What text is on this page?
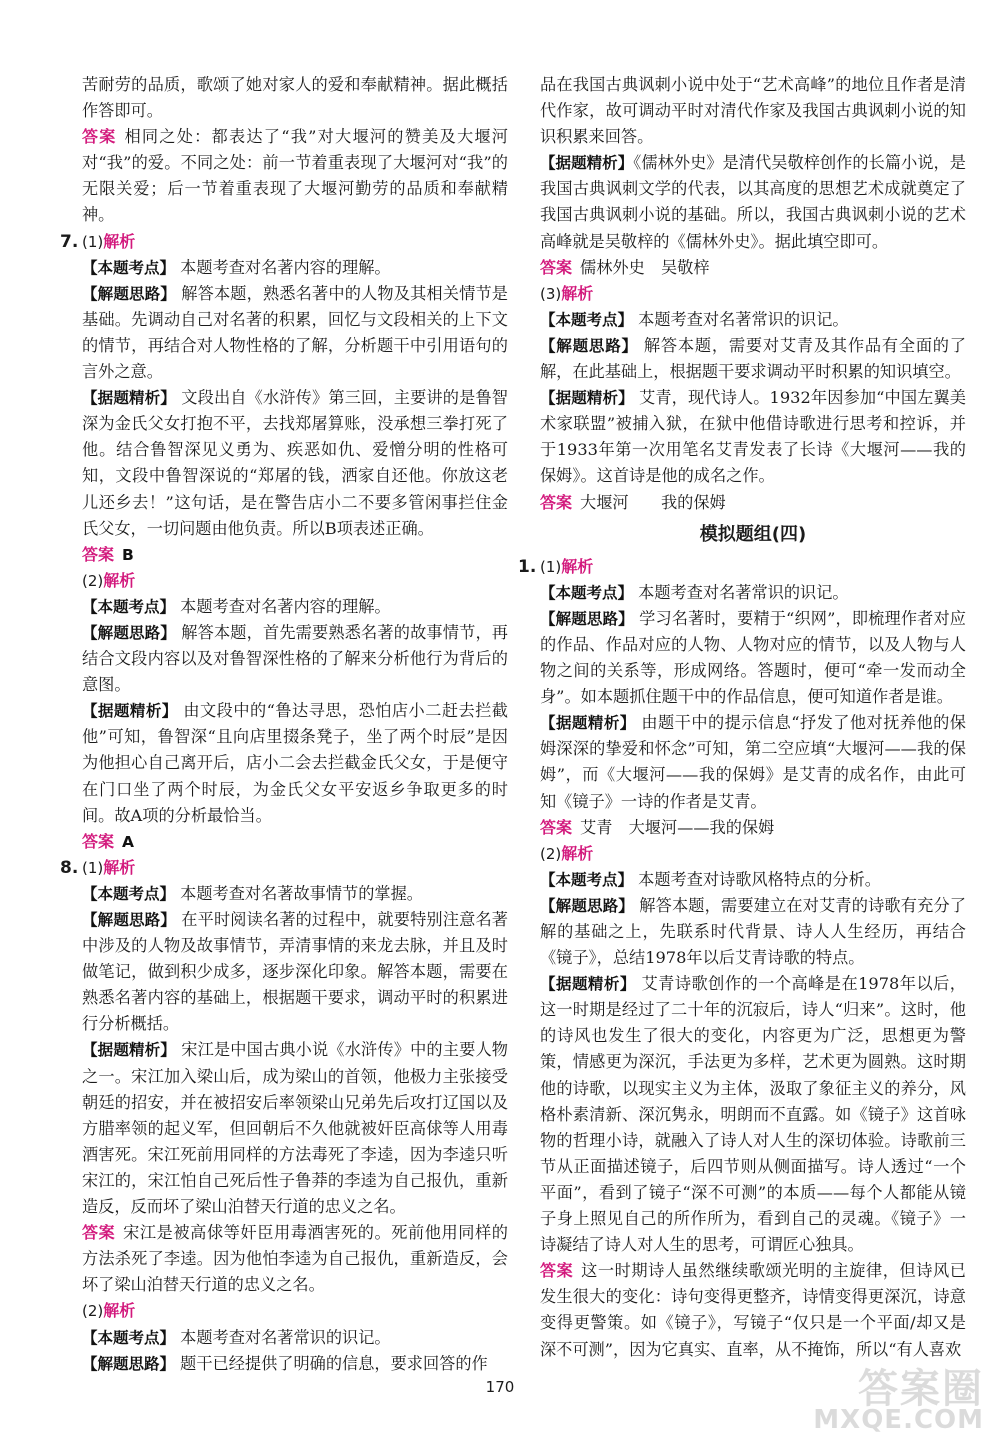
苦耐劳的品质，歌颂了她对家人的爱和奉献精神。据此概括作答即可。

答案 相同之处：都表达了“我”对大堰河的赞美及大堰河对“我”的爱。不同之处：前一节着重表现了大堰河对“我”的无限关爱；后一节着重表现了大堰河勤劳的品质和奉献精神。

7. (1)解析

【本题考点】 本题考查对名著内容的理解。

【解题思路】 解答本题，熟悉名著中的人物及其相关情节是基础。先调动自己对名著的积累，回忆与文段相关的上下文的情节，再结合对人物性格的了解，分析题干中引用语句的言外之意。

【据题精析】 文段出自《水浒传》第三回，主要讲的是鲁智深为金氏父女打抱不平，去找郑屠算账，没承想三拳打死了他。结合鲁智深见义勇为、疾恶如仇、爱憎分明的性格可知，文段中鲁智深说的“郑屠的钱，洒家自还他。你放这老儿还乡去！”这句话，是在警告店小二不要多管闲事拦住金氏父女，一切问题由他负责。所以B项表述正确。

答案 B

(2)解析

【本题考点】 本题考查对名著内容的理解。

【解题思路】 解答本题，首先需要熟悉名著的故事情节，再结合文段内容以及对鲁智深性格的了解来分析他行为背后的意图。

【据题精析】 由文段中的“鲁达寻思，恐怕店小二赶去拦截他”可知，鲁智深“且向店里掇条凳子，坐了两个时辰”是因为他担心自己离开后，店小二会去拦截金氏父女，于是便守在门口坐了两个时辰，为金氏父女平安返乡争取更多的时间。故A项的分析最恰当。

答案 A

8. (1)解析

【本题考点】 本题考查对名著故事情节的掌握。

【解题思路】 在平时阅读名著的过程中，就要特别注意名著中涉及的人物及故事情节，弄清事情的来龙去脉，并且及时做笔记，做到积少成多，逐步深化印象。解答本题，需要在熟悉名著内容的基础上，根据题干要求，调动平时的积累进行分析概括。

【据题精析】 宋江是中国古典小说《水浒传》中的主要人物之一。宋江加入梁山后，成为梁山的首领，他极力主张接受朝廷的招安，并在被招安后率领梁山兄弟先后攻打辽国以及方腊率领的起义军，但回朝后不久他就被奸臣高俅等人用毒酒害死。宋江死前用同样的方法毒死了李逵，因为李逵只听宋江的，宋江怕自己死后性子鲁莽的李逵为自己报仇，重新造反，反而坏了梁山泊替天行道的忠义之名。

答案 宋江是被高俅等奸臣用毒酒害死的。死前他用同样的方法杀死了李逵。因为他怕李逵为自己报仇，重新造反，会坏了梁山泊替天行道的忠义之名。

(2)解析

【本题考点】 本题考查对名著常识的识记。

【解题思路】 题干已经提供了明确的信息，要求回答的作

品在我国古典讽刺小说中处于“艺术高峰”的地位且作者是清代作家，故可调动平时对清代作家及我国古典讽刺小说的知识积累来回答。

【据题精析】《儒林外史》是清代吴敬梓创作的长篇小说，是我国古典讽刺文学的代表，以其高度的思想艺术成就奠定了我国古典讽刺小说的基础。所以，我国古典讽刺小说的艺术高峰就是吴敬梓的《儒林外史》。据此填空即可。

答案 儒林外史　吴敬梓

(3)解析

【本题考点】 本题考查对名著常识的识记。

【解题思路】 解答本题，需要对艾青及其作品有全面的了解，在此基础上，根据题干要求调动平时积累的知识填空。

【据题精析】 艾青，现代诗人。1932年因参加“中国左翼美术家联盟”被捕入狱，在狱中他借诗歌进行思考和控诉，并于1933年第一次用笔名艾青发表了长诗《大堰河——我的保姆》。这首诗是他的成名之作。

答案 大堰河　　我的保姆

模拟题组(四)

1. (1)解析

【本题考点】 本题考查对名著常识的识记。

【解题思路】 学习名著时，要精于“织网”，即梳理作者对应的作品、作品对应的人物、人物对应的情节，以及人物与人物之间的关系等，形成网络。答题时，便可“牵一发而动全身”。如本题抓住题干中的作品信息，便可知道作者是谁。

【据题精析】 由题干中的提示信息“抒发了他对抚养他的保姆深深的挚爱和怀念”可知，第二空应填“大堰河——我的保姆”，而《大堰河——我的保姆》是艾青的成名作，由此可知《镜子》一诗的作者是艾青。

答案 艾青　大堰河——我的保姆

(2)解析

【本题考点】 本题考查对诗歌风格特点的分析。

【解题思路】 解答本题，需要建立在对艾青的诗歌有充分了解的基础之上，先联系时代背景、诗人人生经历，再结合《镜子》，总结1978年以后艾青诗歌的特点。

【据题精析】 艾青诗歌创作的一个高峰是在1978年以后，这一时期是经过了二十年的沉寂后，诗人“归来”。这时，他的诗风也发生了很大的变化，内容更为广泛，思想更为警策，情感更为深沉，手法更为多样，艺术更为圆熟。这时期他的诗歌，以现实主义为主体，汲取了象征主义的养分，风格朴素清新、深沉隽永，明朗而不直露。如《镜子》这首咏物的哲理小诗，就融入了诗人对人生的深切体验。诗歌前三节从正面描述镜子，后四节则从侧面描写。诗人透过“一个平面”，看到了镜子“深不可测”的本质——每个人都能从镜子身上照见自己的所作所为，看到自己的灵魂。《镜子》一诗凝结了诗人对人生的思考，可谓匠心独具。

答案 这一时期诗人虽然继续歌颂光明的主旋律，但诗风已发生很大的变化：诗句变得更整齐，诗情变得更深沉，诗意变得更警策。如《镜子》，写镜子“仅只是一个平面/却又是深不可测”，因为它真实、直率，从不掩饰，所以“有人喜欢

170	答案圈
MXQE.COM
